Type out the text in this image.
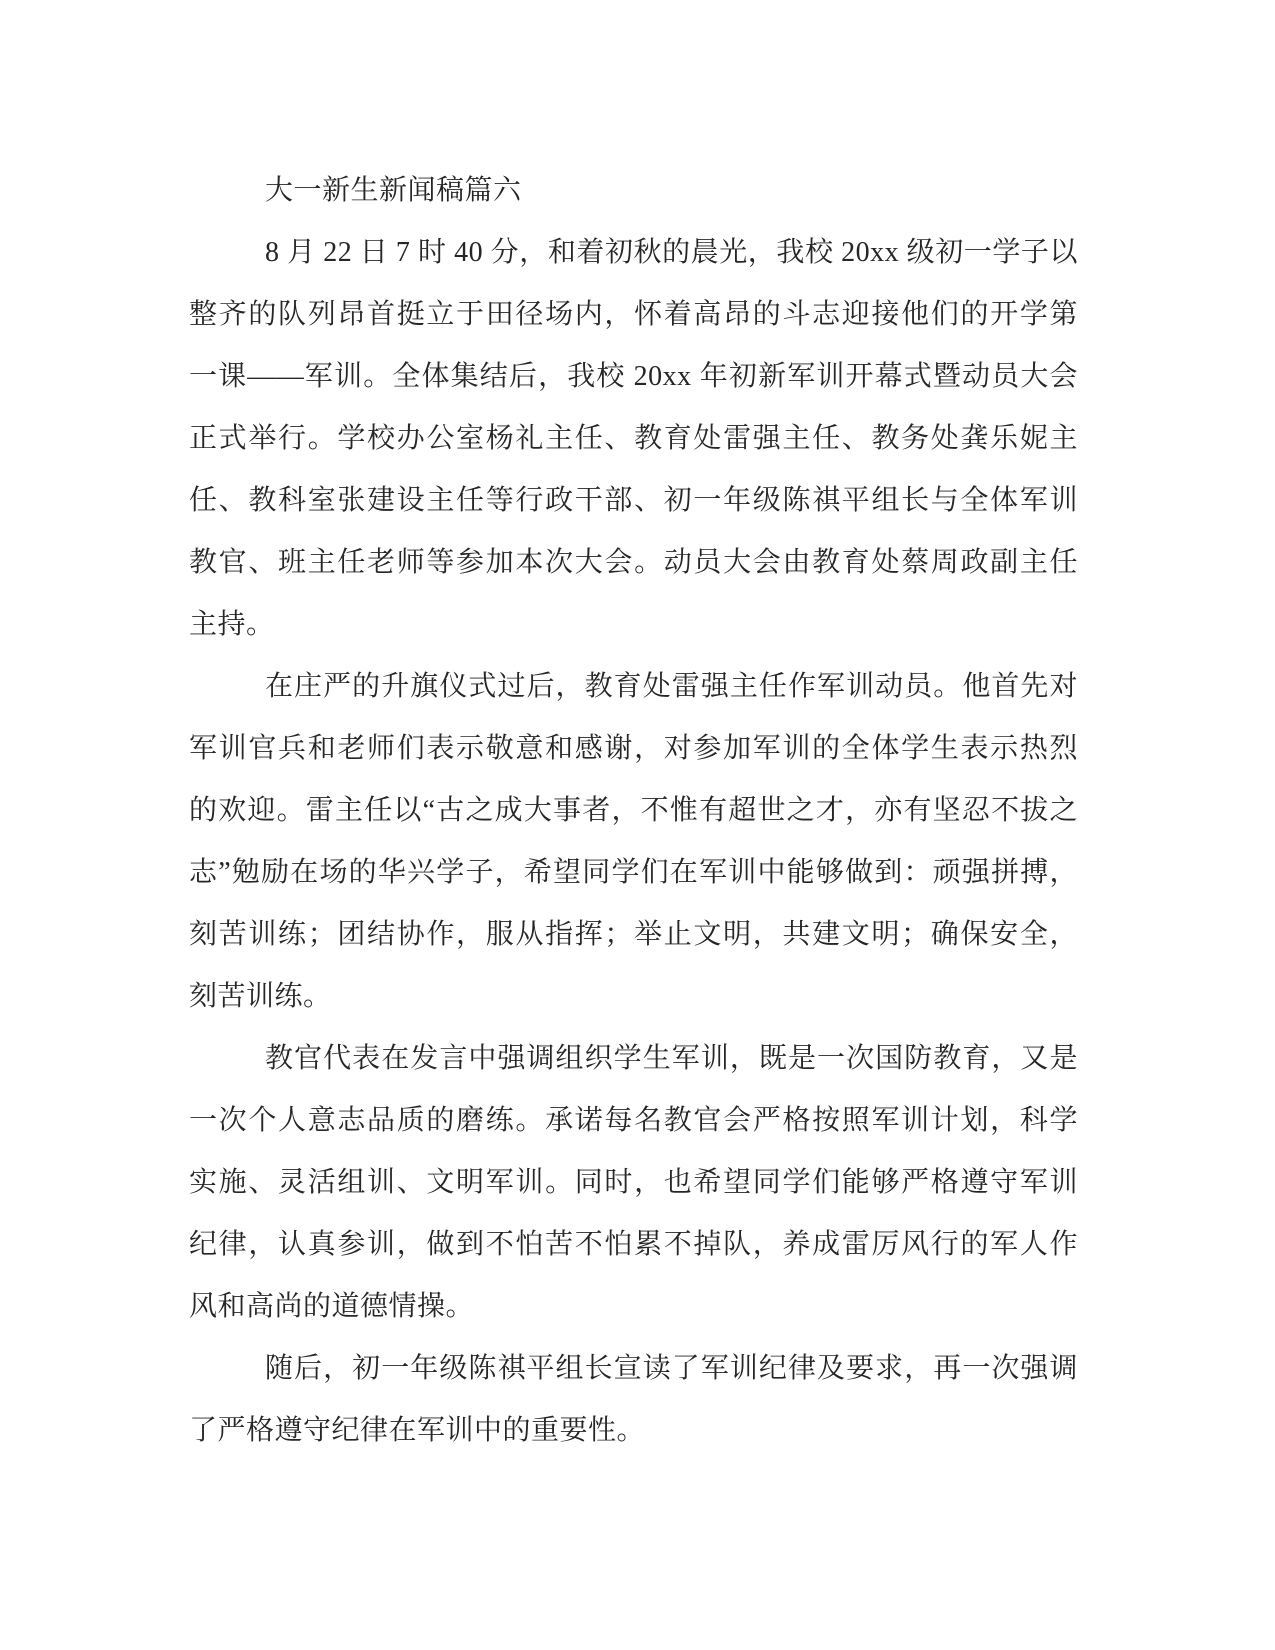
大一新生新闻稿篇六
8 月 22 日 7 时 40 分，和着初秋的晨光，我校 20xx 级初一学子以
整齐的队列昂首挺立于田径场内，怀着高昂的斗志迎接他们的开学第
一课——军训。全体集结后，我校 20xx 年初新军训开幕式暨动员大会
正式举行。学校办公室杨礼主任、教育处雷强主任、教务处龚乐妮主
任、教科室张建设主任等行政干部、初一年级陈祺平组长与全体军训
教官、班主任老师等参加本次大会。动员大会由教育处蔡周政副主任
主持。
在庄严的升旗仪式过后，教育处雷强主任作军训动员。他首先对
军训官兵和老师们表示敬意和感谢，对参加军训的全体学生表示热烈
的欢迎。雷主任以“古之成大事者，不惟有超世之才，亦有坚忍不拔之
志”勉励在场的华兴学子，希望同学们在军训中能够做到：顽强拼搏，
刻苦训练；团结协作，服从指挥；举止文明，共建文明；确保安全，
刻苦训练。
教官代表在发言中强调组织学生军训，既是一次国防教育，又是
一次个人意志品质的磨练。承诺每名教官会严格按照军训计划，科学
实施、灵活组训、文明军训。同时，也希望同学们能够严格遵守军训
纪律，认真参训，做到不怕苦不怕累不掉队，养成雷厉风行的军人作
风和高尚的道德情操。
随后，初一年级陈祺平组长宣读了军训纪律及要求，再一次强调
了严格遵守纪律在军训中的重要性。
